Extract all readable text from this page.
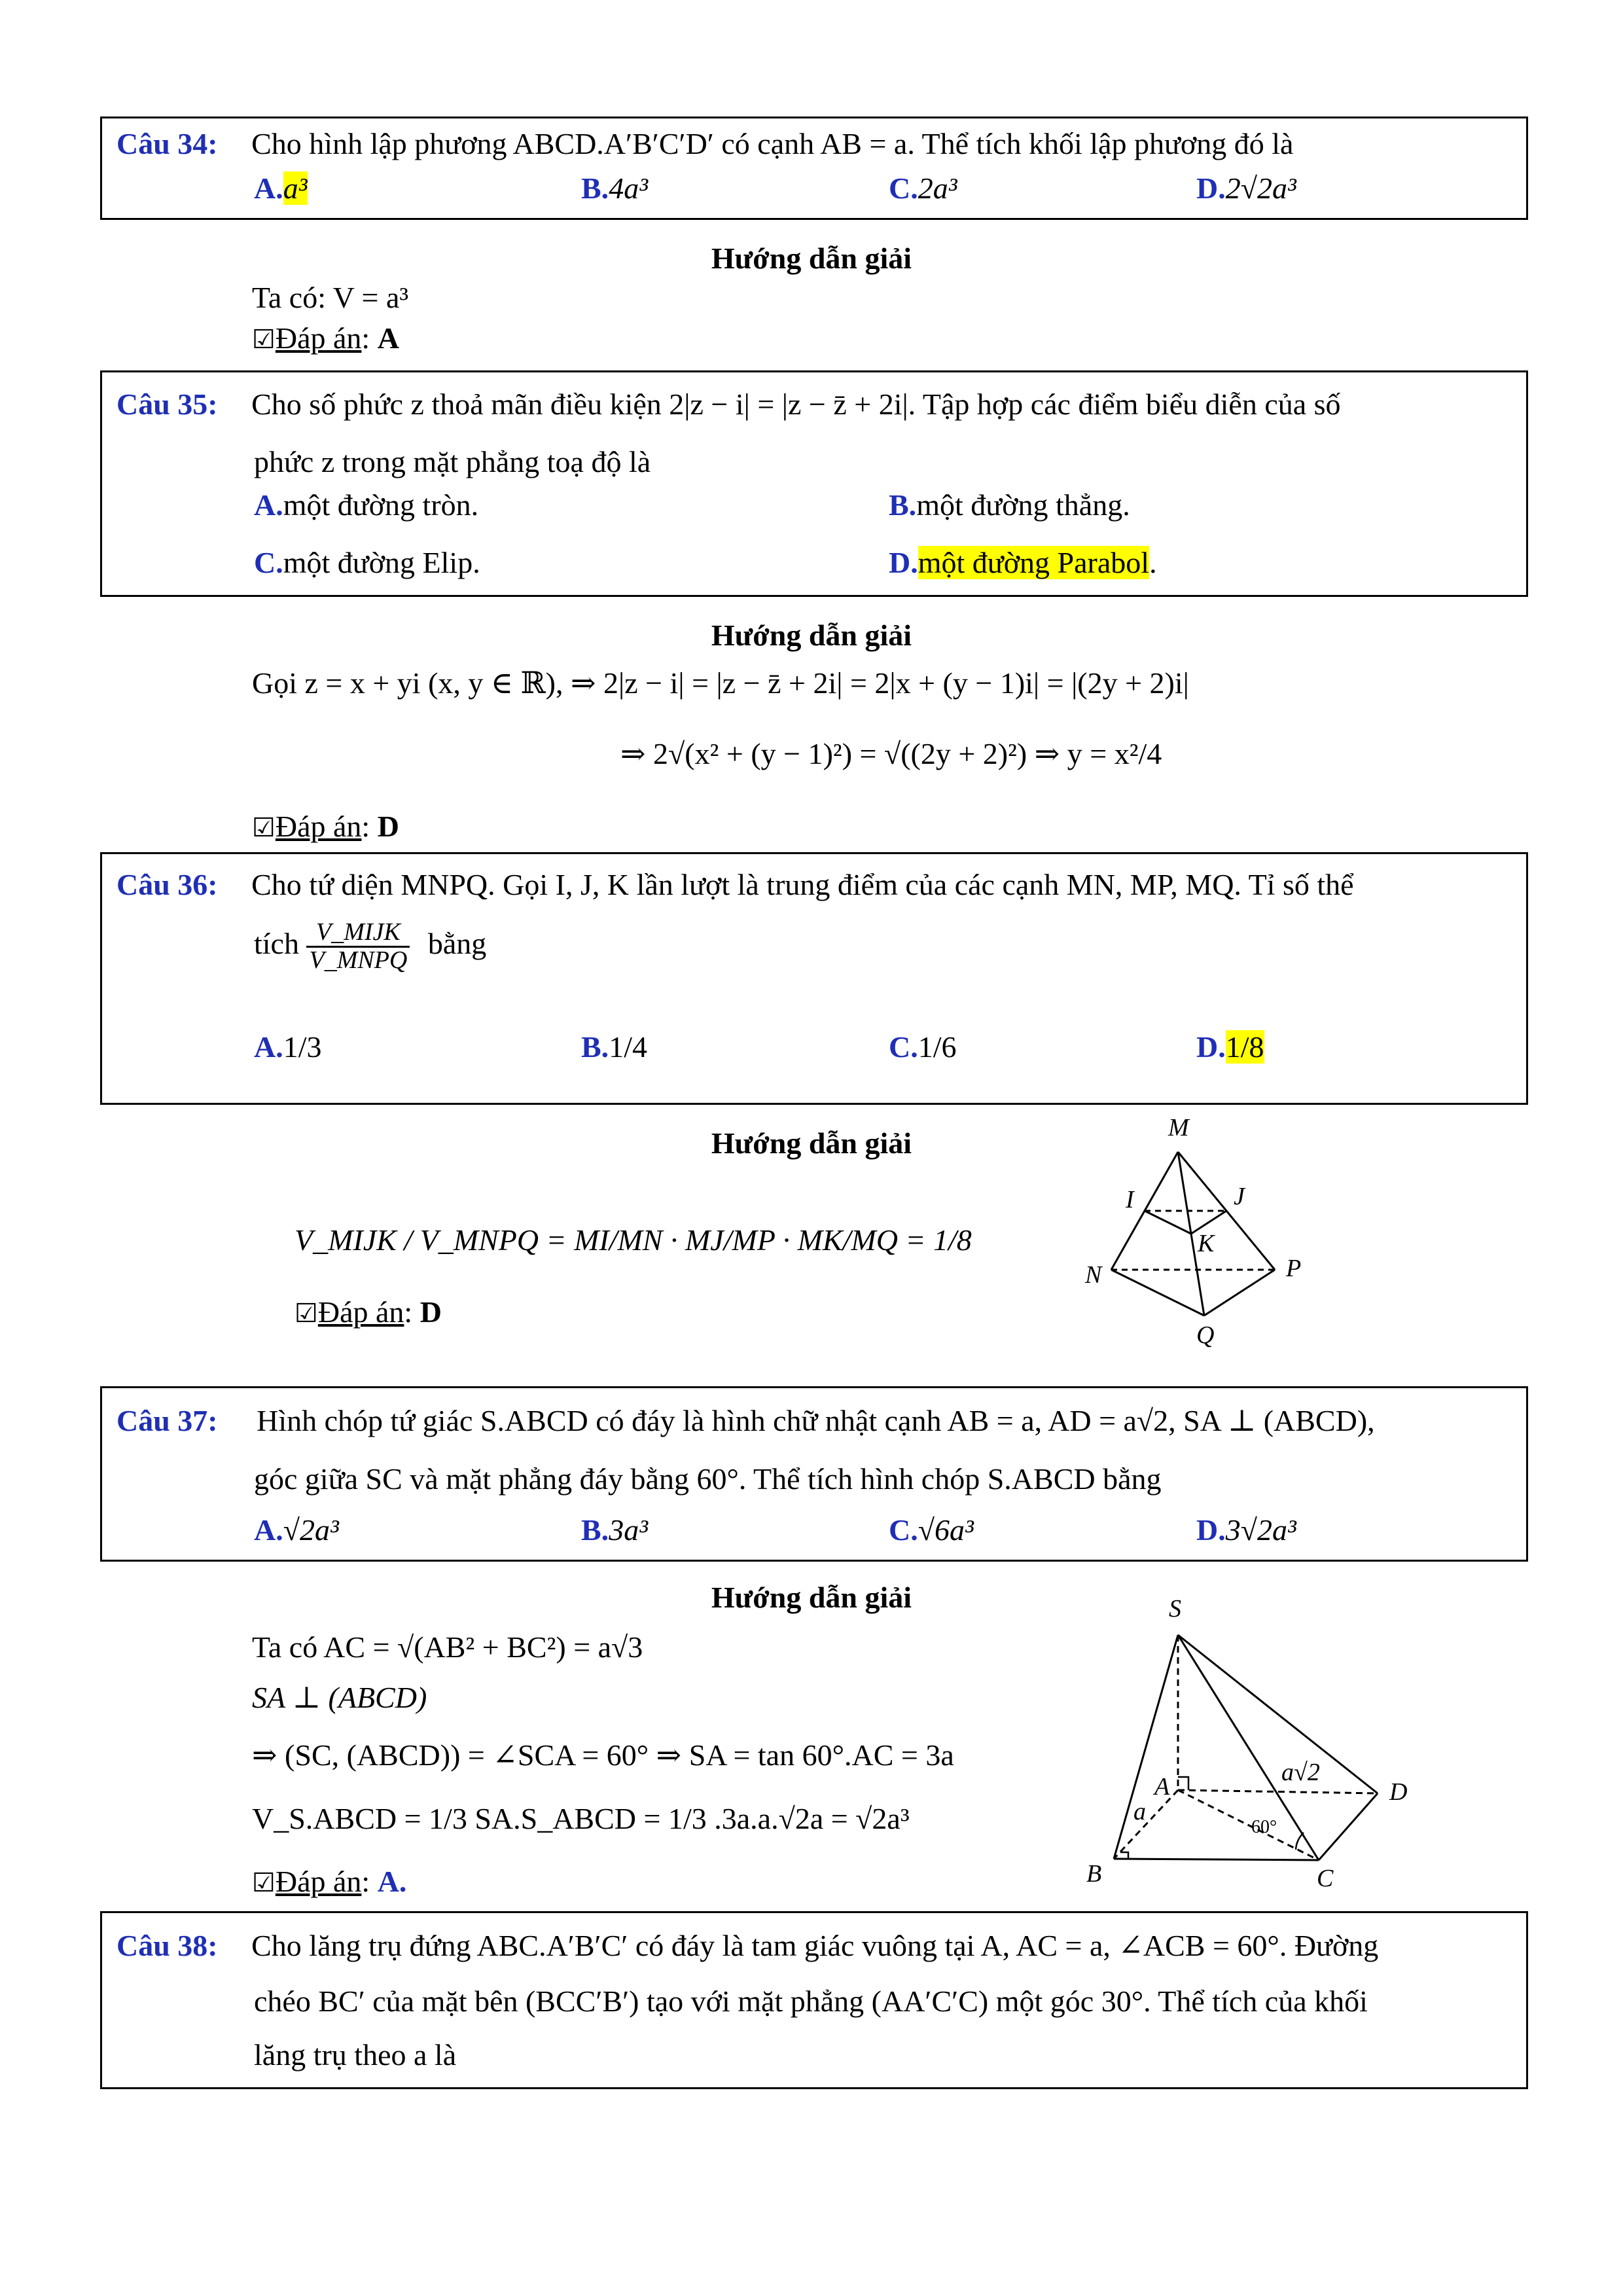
Câu 34: Cho hình lập phương ABCD.A′B′C′D′ có cạnh AB = a. Thể tích khối lập phương đó là
A.a³	B.4a³	C.2a³	D.2√2a³
Hướng dẫn giải
Ta có: V = a³
☑Đáp án: A
Câu 35: Cho số phức z thoả mãn điều kiện 2|z − i| = |z − z̄ + 2i|. Tập hợp các điểm biểu diễn của số
phức z trong mặt phẳng toạ độ là
A.một đường tròn.	B.một đường thẳng.
C.một đường Elip.	D.một đường Parabol.
Hướng dẫn giải
Gọi z = x + yi (x, y ∈ ℝ), ⇒ 2|z − i| = |z − z̄ + 2i| = 2|x + (y − 1)i| = |(2y + 2)i|
⇒ 2√(x² + (y − 1)²) = √((2y + 2)²) ⇒ y = x²/4
☑Đáp án: D
Câu 36: Cho tứ diện MNPQ. Gọi I, J, K lần lượt là trung điểm của các cạnh MN, MP, MQ. Tỉ số thể
tích $\frac{\text{V\_MIJK}}{\text{V\_MNPQ}}$ bằng
A.1/3	B.1/4	C.1/6	D.1/8
Hướng dẫn giải
V_MIJK / V_MNPQ = MI/MN · MJ/MP · MK/MQ = 1/8
☑Đáp án: D
M
I	J
K
N	P
Q
Câu 37: Hình chóp tứ giác S.ABCD có đáy là hình chữ nhật cạnh AB = a, AD = a√2, SA ⊥ (ABCD),
góc giữa SC và mặt phẳng đáy bằng 60°. Thể tích hình chóp S.ABCD bằng
A.√2a³	B.3a³	C.√6a³	D.3√2a³
Hướng dẫn giải
Ta có AC = √(AB² + BC²) = a√3
SA ⊥ (ABCD)
⇒ (SC, (ABCD)) = ∠SCA = 60° ⇒ SA = tan 60°.AC = 3a
V_S.ABCD = 1/3 SA.S_ABCD = 1/3 .3a.a.√2a = √2a³
☑Đáp án: A.
S
A
B	C
D
a
a√2
60°
Câu 38: Cho lăng trụ đứng ABC.A′B′C′ có đáy là tam giác vuông tại A, AC = a, ∠ACB = 60°. Đường
chéo BC′ của mặt bên (BCC′B′) tạo với mặt phẳng (AA′C′C) một góc 30°. Thể tích của khối
lăng trụ theo a là
